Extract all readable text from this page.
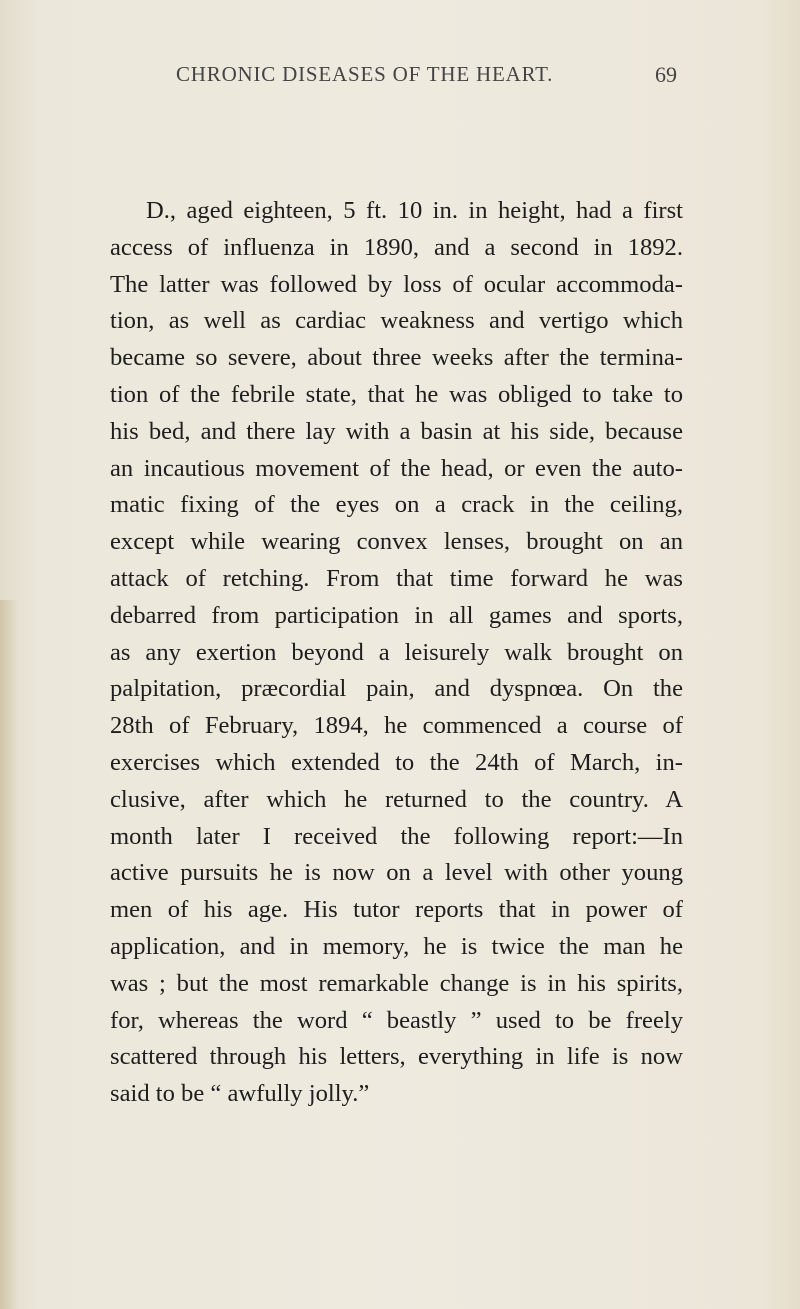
CHRONIC DISEASES OF THE HEART.	69
D., aged eighteen, 5 ft. 10 in. in height, had a first
access of influenza in 1890, and a second in 1892.
The latter was followed by loss of ocular accommoda-
tion, as well as cardiac weakness and vertigo which
became so severe, about three weeks after the termina-
tion of the febrile state, that he was obliged to take to
his bed, and there lay with a basin at his side, because
an incautious movement of the head, or even the auto-
matic fixing of the eyes on a crack in the ceiling,
except while wearing convex lenses, brought on an
attack of retching. From that time forward he was
debarred from participation in all games and sports,
as any exertion beyond a leisurely walk brought on
palpitation, præcordial pain, and dyspnœa. On the
28th of February, 1894, he commenced a course of
exercises which extended to the 24th of March, in-
clusive, after which he returned to the country. A
month later I received the following report:—In
active pursuits he is now on a level with other young
men of his age. His tutor reports that in power of
application, and in memory, he is twice the man he
was ; but the most remarkable change is in his spirits,
for, whereas the word “ beastly ” used to be freely
scattered through his letters, everything in life is now
said to be “ awfully jolly.”
